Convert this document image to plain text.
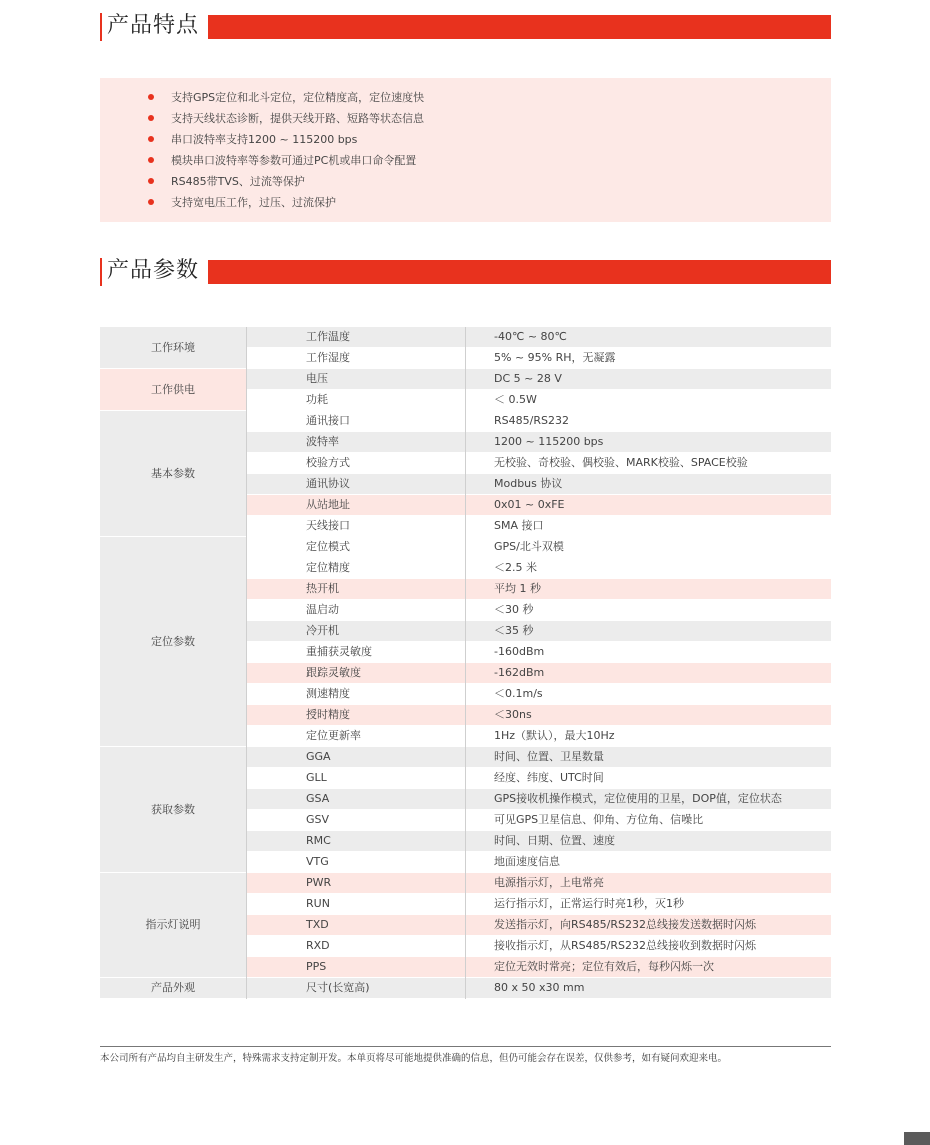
产品特点
支持GPS定位和北斗定位，定位精度高，定位速度快
支持天线状态诊断，提供天线开路、短路等状态信息
串口波特率支持1200 ~ 115200 bps
模块串口波特率等参数可通过PC机或串口命令配置
RS485带TVS、过流等保护
支持宽电压工作，过压、过流保护
产品参数
工作环境	工作温度	-40℃ ~ 80℃
	工作湿度	5% ~ 95% RH，无凝露
工作供电	电压	DC 5 ~ 28 V
	功耗	＜ 0.5W
基本参数	通讯接口	RS485/RS232
	波特率	1200 ~ 115200 bps
	校验方式	无校验、奇校验、偶校验、MARK校验、SPACE校验
	通讯协议	Modbus 协议
	从站地址	0x01 ~ 0xFE
	天线接口	SMA 接口
定位参数	定位模式	GPS/北斗双模
	定位精度	＜2.5 米
	热开机	平均 1 秒
	温启动	＜30 秒
	冷开机	＜35 秒
	重捕获灵敏度	-160dBm
	跟踪灵敏度	-162dBm
	测速精度	＜0.1m/s
	授时精度	＜30ns
	定位更新率	1Hz（默认），最大10Hz
获取参数	GGA	时间、位置、卫星数量
	GLL	经度、纬度、UTC时间
	GSA	GPS接收机操作模式，定位使用的卫星，DOP值，定位状态
	GSV	可见GPS卫星信息、仰角、方位角、信噪比
	RMC	时间、日期、位置、速度
	VTG	地面速度信息
指示灯说明	PWR	电源指示灯，上电常亮
	RUN	运行指示灯，正常运行时亮1秒，灭1秒
	TXD	发送指示灯，向RS485/RS232总线接发送数据时闪烁
	RXD	接收指示灯，从RS485/RS232总线接收到数据时闪烁
	PPS	定位无效时常亮；定位有效后，每秒闪烁一次
产品外观	尺寸(长宽高)	80 x 50 x30 mm
本公司所有产品均自主研发生产，特殊需求支持定制开发。本单页将尽可能地提供准确的信息，但仍可能会存在误差，仅供参考，如有疑问欢迎来电。
